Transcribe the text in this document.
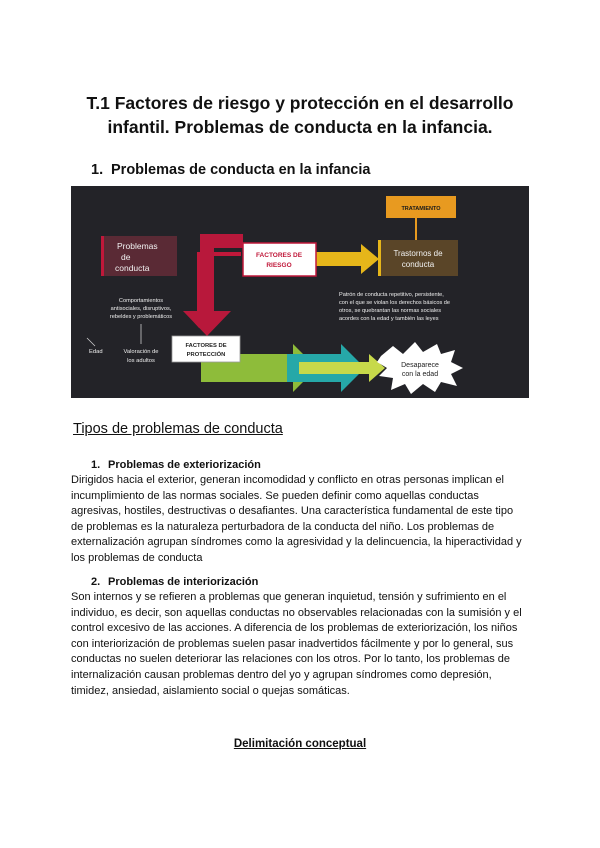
T.1 Factores de riesgo y protección en el desarrollo
infantil. Problemas de conducta en la infancia.
1. Problemas de conducta en la infancia
Problemas
de
conducta
FACTORES DE
RIESGO
TRATAMIENTO
Trastornos de
conducta
Patrón de conducta repetitivo, persistente,
con el que se violan los derechos básicos de
otros, se quebrantan las normas sociales
acordes con la edad y también las leyes
Comportamientos
antisociales, disruptivos,
rebeldes y problemáticos
Edad	Valoración de
los adultos
FACTORES DE
PROTECCIÓN
Desaparece
con la edad
Tipos de problemas de conducta
1. Problemas de exteriorización
Dirigidos hacia el exterior, generan incomodidad y conflicto en otras personas implican el
incumplimiento de las normas sociales. Se pueden definir como aquellas conductas
agresivas, hostiles, destructivas o desafiantes. Una característica fundamental de este tipo
de problemas es la naturaleza perturbadora de la conducta del niño. Los problemas de
externalización agrupan síndromes como la agresividad y la delincuencia, la hiperactividad y
los problemas de conducta
2. Problemas de interiorización
Son internos y se refieren a problemas que generan inquietud, tensión y sufrimiento en el
individuo, es decir, son aquellas conductas no observables relacionadas con la sumisión y el
control excesivo de las acciones. A diferencia de los problemas de exteriorización, los niños
con interiorización de problemas suelen pasar inadvertidos fácilmente y por lo general, sus
conductas no suelen deteriorar las relaciones con los otros. Por lo tanto, los problemas de
internalización causan problemas dentro del yo y agrupan síndromes como depresión,
timidez, ansiedad, aislamiento social o quejas somáticas.
Delimitación conceptual
